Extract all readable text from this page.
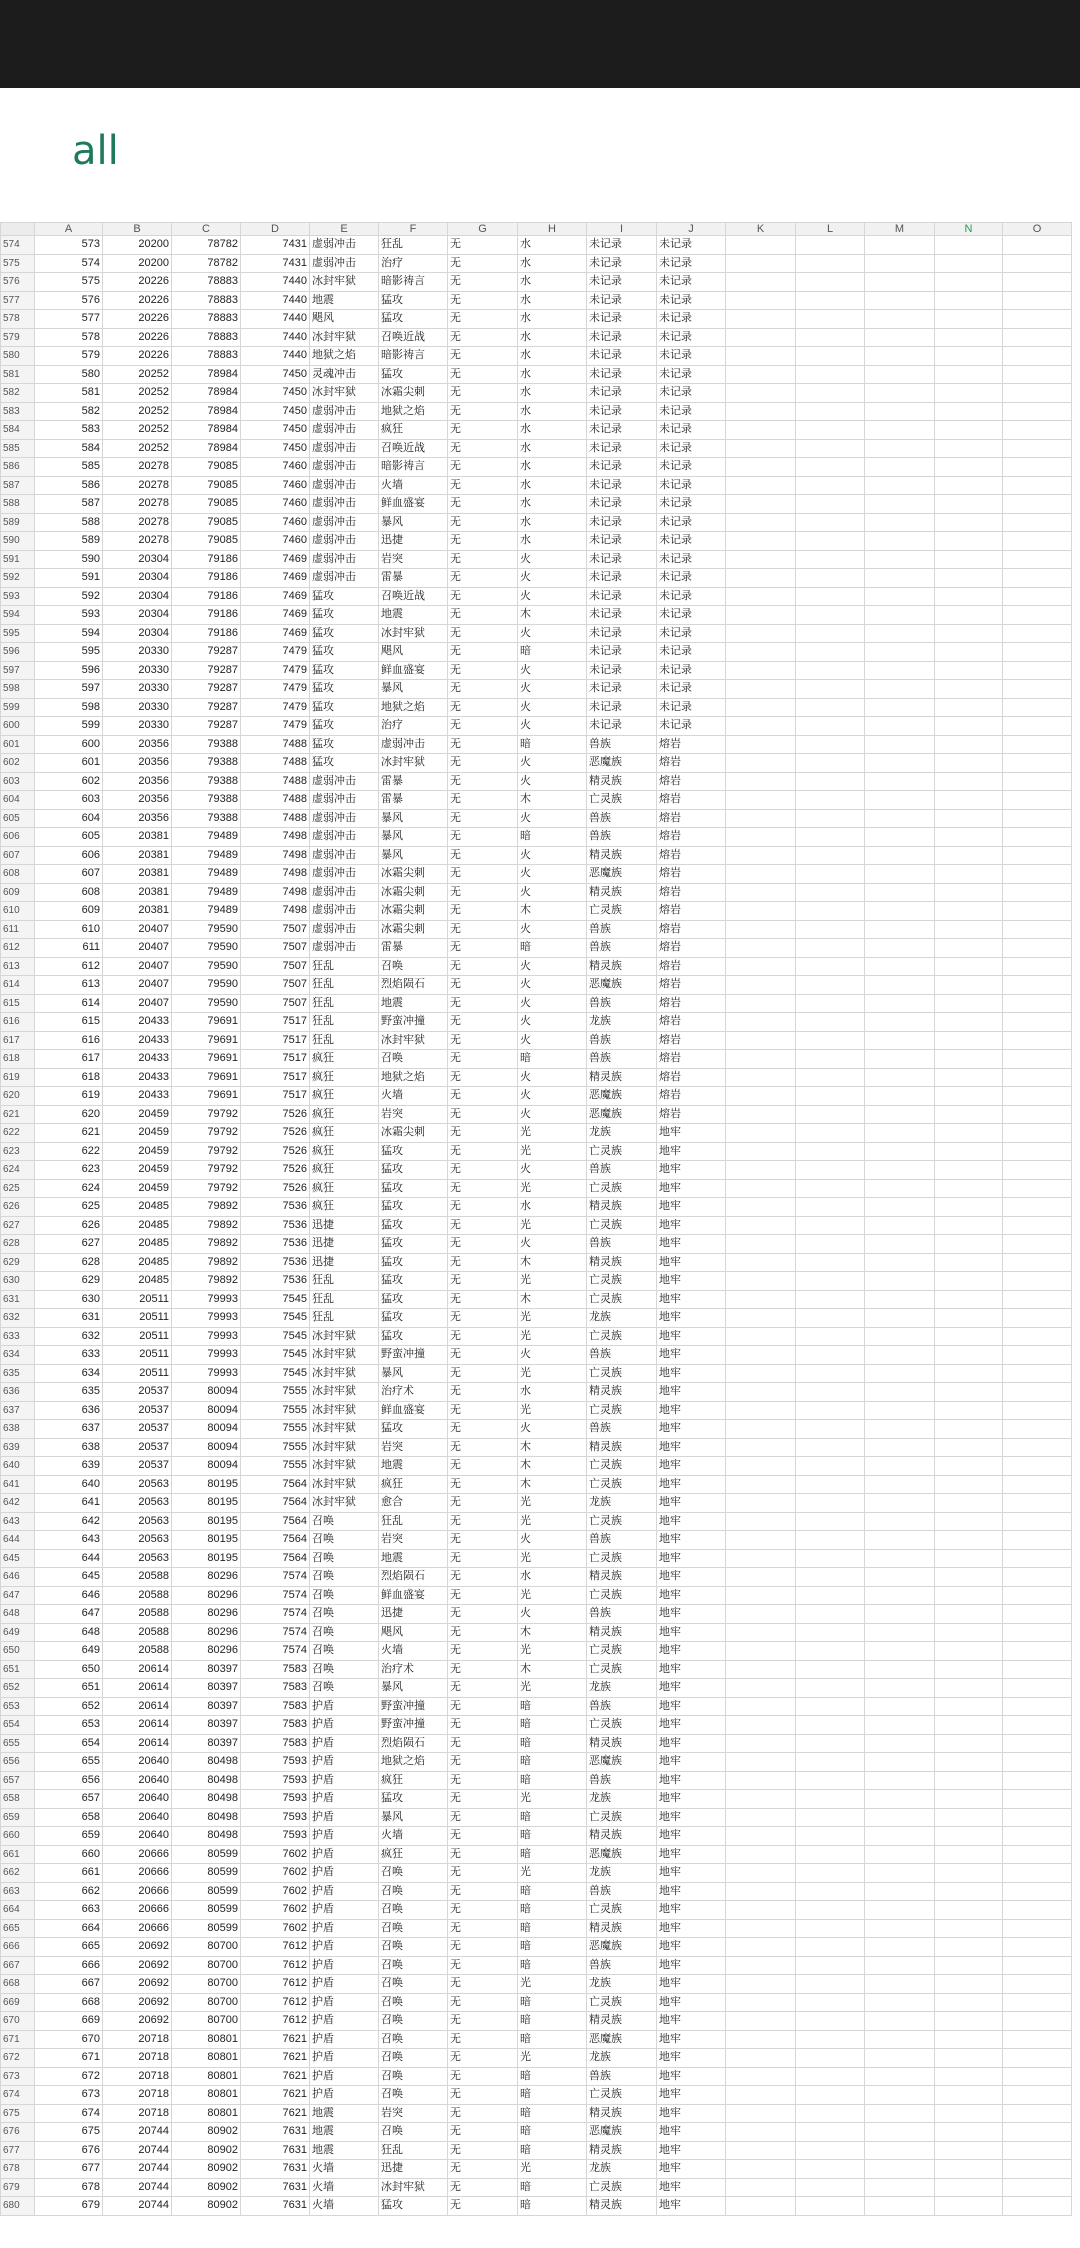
all
	A	B	C	D	E	F	G	H	I	J	K	L	M	N	O
574	573	20200	78782	7431	虚弱冲击	狂乱	无	水	未记录	未记录					
575	574	20200	78782	7431	虚弱冲击	治疗	无	水	未记录	未记录					
576	575	20226	78883	7440	冰封牢狱	暗影祷言	无	水	未记录	未记录					
577	576	20226	78883	7440	地震	猛攻	无	水	未记录	未记录					
578	577	20226	78883	7440	飓风	猛攻	无	水	未记录	未记录					
579	578	20226	78883	7440	冰封牢狱	召唤近战	无	水	未记录	未记录					
580	579	20226	78883	7440	地狱之焰	暗影祷言	无	水	未记录	未记录					
581	580	20252	78984	7450	灵魂冲击	猛攻	无	水	未记录	未记录					
582	581	20252	78984	7450	冰封牢狱	冰霜尖刺	无	水	未记录	未记录					
583	582	20252	78984	7450	虚弱冲击	地狱之焰	无	水	未记录	未记录					
584	583	20252	78984	7450	虚弱冲击	疯狂	无	水	未记录	未记录					
585	584	20252	78984	7450	虚弱冲击	召唤近战	无	水	未记录	未记录					
586	585	20278	79085	7460	虚弱冲击	暗影祷言	无	水	未记录	未记录					
587	586	20278	79085	7460	虚弱冲击	火墙	无	水	未记录	未记录					
588	587	20278	79085	7460	虚弱冲击	鲜血盛宴	无	水	未记录	未记录					
589	588	20278	79085	7460	虚弱冲击	暴风	无	水	未记录	未记录					
590	589	20278	79085	7460	虚弱冲击	迅捷	无	水	未记录	未记录					
591	590	20304	79186	7469	虚弱冲击	岩突	无	火	未记录	未记录					
592	591	20304	79186	7469	虚弱冲击	雷暴	无	火	未记录	未记录					
593	592	20304	79186	7469	猛攻	召唤近战	无	火	未记录	未记录					
594	593	20304	79186	7469	猛攻	地震	无	木	未记录	未记录					
595	594	20304	79186	7469	猛攻	冰封牢狱	无	火	未记录	未记录					
596	595	20330	79287	7479	猛攻	飓风	无	暗	未记录	未记录					
597	596	20330	79287	7479	猛攻	鲜血盛宴	无	火	未记录	未记录					
598	597	20330	79287	7479	猛攻	暴风	无	火	未记录	未记录					
599	598	20330	79287	7479	猛攻	地狱之焰	无	火	未记录	未记录					
600	599	20330	79287	7479	猛攻	治疗	无	火	未记录	未记录					
601	600	20356	79388	7488	猛攻	虚弱冲击	无	暗	兽族	熔岩					
602	601	20356	79388	7488	猛攻	冰封牢狱	无	火	恶魔族	熔岩					
603	602	20356	79388	7488	虚弱冲击	雷暴	无	火	精灵族	熔岩					
604	603	20356	79388	7488	虚弱冲击	雷暴	无	木	亡灵族	熔岩					
605	604	20356	79388	7488	虚弱冲击	暴风	无	火	兽族	熔岩					
606	605	20381	79489	7498	虚弱冲击	暴风	无	暗	兽族	熔岩					
607	606	20381	79489	7498	虚弱冲击	暴风	无	火	精灵族	熔岩					
608	607	20381	79489	7498	虚弱冲击	冰霜尖刺	无	火	恶魔族	熔岩					
609	608	20381	79489	7498	虚弱冲击	冰霜尖刺	无	火	精灵族	熔岩					
610	609	20381	79489	7498	虚弱冲击	冰霜尖刺	无	木	亡灵族	熔岩					
611	610	20407	79590	7507	虚弱冲击	冰霜尖刺	无	火	兽族	熔岩					
612	611	20407	79590	7507	虚弱冲击	雷暴	无	暗	兽族	熔岩					
613	612	20407	79590	7507	狂乱	召唤	无	火	精灵族	熔岩					
614	613	20407	79590	7507	狂乱	烈焰陨石	无	火	恶魔族	熔岩					
615	614	20407	79590	7507	狂乱	地震	无	火	兽族	熔岩					
616	615	20433	79691	7517	狂乱	野蛮冲撞	无	火	龙族	熔岩					
617	616	20433	79691	7517	狂乱	冰封牢狱	无	火	兽族	熔岩					
618	617	20433	79691	7517	疯狂	召唤	无	暗	兽族	熔岩					
619	618	20433	79691	7517	疯狂	地狱之焰	无	火	精灵族	熔岩					
620	619	20433	79691	7517	疯狂	火墙	无	火	恶魔族	熔岩					
621	620	20459	79792	7526	疯狂	岩突	无	火	恶魔族	熔岩					
622	621	20459	79792	7526	疯狂	冰霜尖刺	无	光	龙族	地牢					
623	622	20459	79792	7526	疯狂	猛攻	无	光	亡灵族	地牢					
624	623	20459	79792	7526	疯狂	猛攻	无	火	兽族	地牢					
625	624	20459	79792	7526	疯狂	猛攻	无	光	亡灵族	地牢					
626	625	20485	79892	7536	疯狂	猛攻	无	水	精灵族	地牢					
627	626	20485	79892	7536	迅捷	猛攻	无	光	亡灵族	地牢					
628	627	20485	79892	7536	迅捷	猛攻	无	火	兽族	地牢					
629	628	20485	79892	7536	迅捷	猛攻	无	木	精灵族	地牢					
630	629	20485	79892	7536	狂乱	猛攻	无	光	亡灵族	地牢					
631	630	20511	79993	7545	狂乱	猛攻	无	木	亡灵族	地牢					
632	631	20511	79993	7545	狂乱	猛攻	无	光	龙族	地牢					
633	632	20511	79993	7545	冰封牢狱	猛攻	无	光	亡灵族	地牢					
634	633	20511	79993	7545	冰封牢狱	野蛮冲撞	无	火	兽族	地牢					
635	634	20511	79993	7545	冰封牢狱	暴风	无	光	亡灵族	地牢					
636	635	20537	80094	7555	冰封牢狱	治疗术	无	水	精灵族	地牢					
637	636	20537	80094	7555	冰封牢狱	鲜血盛宴	无	光	亡灵族	地牢					
638	637	20537	80094	7555	冰封牢狱	猛攻	无	火	兽族	地牢					
639	638	20537	80094	7555	冰封牢狱	岩突	无	木	精灵族	地牢					
640	639	20537	80094	7555	冰封牢狱	地震	无	木	亡灵族	地牢					
641	640	20563	80195	7564	冰封牢狱	疯狂	无	木	亡灵族	地牢					
642	641	20563	80195	7564	冰封牢狱	愈合	无	光	龙族	地牢					
643	642	20563	80195	7564	召唤	狂乱	无	光	亡灵族	地牢					
644	643	20563	80195	7564	召唤	岩突	无	火	兽族	地牢					
645	644	20563	80195	7564	召唤	地震	无	光	亡灵族	地牢					
646	645	20588	80296	7574	召唤	烈焰陨石	无	水	精灵族	地牢					
647	646	20588	80296	7574	召唤	鲜血盛宴	无	光	亡灵族	地牢					
648	647	20588	80296	7574	召唤	迅捷	无	火	兽族	地牢					
649	648	20588	80296	7574	召唤	飓风	无	木	精灵族	地牢					
650	649	20588	80296	7574	召唤	火墙	无	光	亡灵族	地牢					
651	650	20614	80397	7583	召唤	治疗术	无	木	亡灵族	地牢					
652	651	20614	80397	7583	召唤	暴风	无	光	龙族	地牢					
653	652	20614	80397	7583	护盾	野蛮冲撞	无	暗	兽族	地牢					
654	653	20614	80397	7583	护盾	野蛮冲撞	无	暗	亡灵族	地牢					
655	654	20614	80397	7583	护盾	烈焰陨石	无	暗	精灵族	地牢					
656	655	20640	80498	7593	护盾	地狱之焰	无	暗	恶魔族	地牢					
657	656	20640	80498	7593	护盾	疯狂	无	暗	兽族	地牢					
658	657	20640	80498	7593	护盾	猛攻	无	光	龙族	地牢					
659	658	20640	80498	7593	护盾	暴风	无	暗	亡灵族	地牢					
660	659	20640	80498	7593	护盾	火墙	无	暗	精灵族	地牢					
661	660	20666	80599	7602	护盾	疯狂	无	暗	恶魔族	地牢					
662	661	20666	80599	7602	护盾	召唤	无	光	龙族	地牢					
663	662	20666	80599	7602	护盾	召唤	无	暗	兽族	地牢					
664	663	20666	80599	7602	护盾	召唤	无	暗	亡灵族	地牢					
665	664	20666	80599	7602	护盾	召唤	无	暗	精灵族	地牢					
666	665	20692	80700	7612	护盾	召唤	无	暗	恶魔族	地牢					
667	666	20692	80700	7612	护盾	召唤	无	暗	兽族	地牢					
668	667	20692	80700	7612	护盾	召唤	无	光	龙族	地牢					
669	668	20692	80700	7612	护盾	召唤	无	暗	亡灵族	地牢					
670	669	20692	80700	7612	护盾	召唤	无	暗	精灵族	地牢					
671	670	20718	80801	7621	护盾	召唤	无	暗	恶魔族	地牢					
672	671	20718	80801	7621	护盾	召唤	无	光	龙族	地牢					
673	672	20718	80801	7621	护盾	召唤	无	暗	兽族	地牢					
674	673	20718	80801	7621	护盾	召唤	无	暗	亡灵族	地牢					
675	674	20718	80801	7621	地震	岩突	无	暗	精灵族	地牢					
676	675	20744	80902	7631	地震	召唤	无	暗	恶魔族	地牢					
677	676	20744	80902	7631	地震	狂乱	无	暗	精灵族	地牢					
678	677	20744	80902	7631	火墙	迅捷	无	光	龙族	地牢					
679	678	20744	80902	7631	火墙	冰封牢狱	无	暗	亡灵族	地牢					
680	679	20744	80902	7631	火墙	猛攻	无	暗	精灵族	地牢					
